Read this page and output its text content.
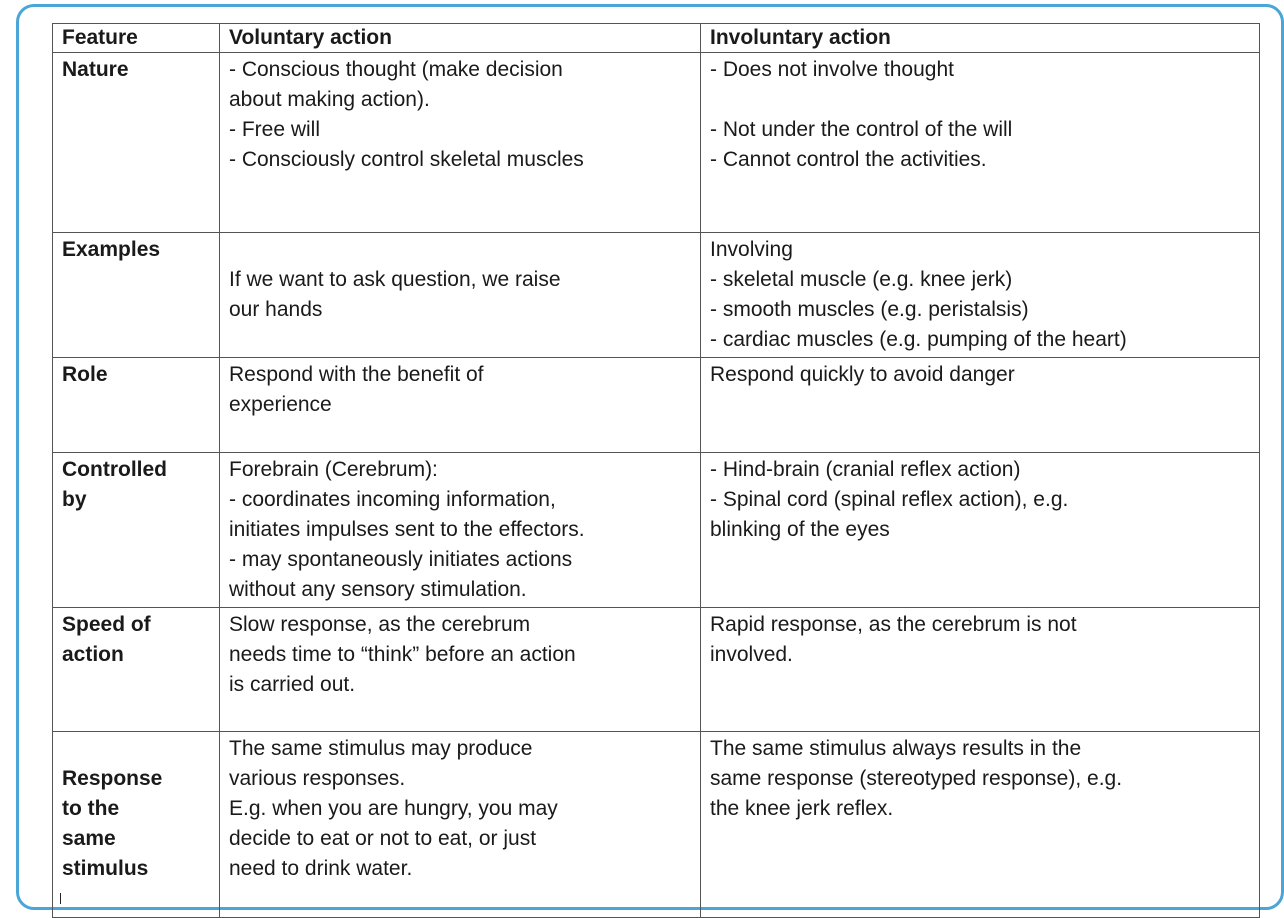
Feature	Voluntary action	Involuntary action

Nature	- Conscious thought (make decision
about making action).
- Free will
- Consciously control skeletal muscles	- Does not involve thought
- Not under the control of the will
- Cannot control the activities.

Examples	If we want to ask question, we raise
our hands	Involving
- skeletal muscle (e.g. knee jerk)
- smooth muscles (e.g. peristalsis)
- cardiac muscles (e.g. pumping of the heart)

Role	Respond with the benefit of
experience	Respond quickly to avoid danger

Controlled
by	Forebrain (Cerebrum):
- coordinates incoming information,
initiates impulses sent to the effectors.
- may spontaneously initiates actions
without any sensory stimulation.	- Hind-brain (cranial reflex action)
- Spinal cord (spinal reflex action), e.g.
blinking of the eyes

Speed of
action	Slow response, as the cerebrum
needs time to “think” before an action
is carried out.	Rapid response, as the cerebrum is not
involved.

Response
to the
same
stimulus	The same stimulus may produce
various responses.
E.g. when you are hungry, you may
decide to eat or not to eat, or just
need to drink water.	The same stimulus always results in the
same response (stereotyped response), e.g.
the knee jerk reflex.
